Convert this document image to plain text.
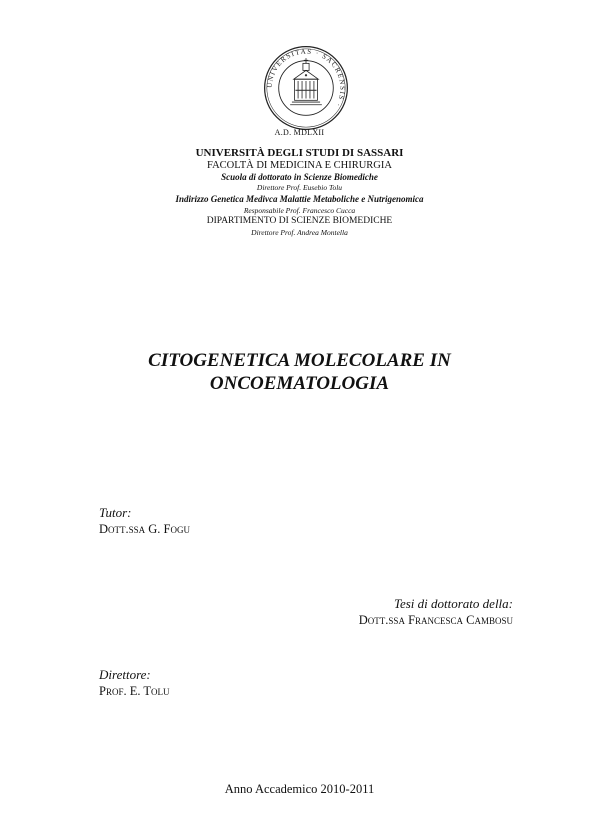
UNIVERSITAS · SACRENSIS ·
A.D. MDLXII
UNIVERSITÀ DEGLI STUDI DI SASSARI
FACOLTÀ DI MEDICINA E CHIRURGIA
Scuola di dottorato in Scienze Biomediche
Direttore Prof. Eusebio Tolu
Indirizzo Genetica Medivca Malattie Metaboliche e Nutrigenomica
Responsabile Prof. Francesco Cucca
DIPARTIMENTO DI SCIENZE BIOMEDICHE
Direttore Prof. Andrea Montella
CITOGENETICA MOLECOLARE IN
ONCOEMATOLOGIA
Tutor:
Dott.ssa G. Fogu
Tesi di dottorato della:
Dott.ssa Francesca Cambosu
Direttore:
Prof. E. Tolu
Anno Accademico 2010-2011
